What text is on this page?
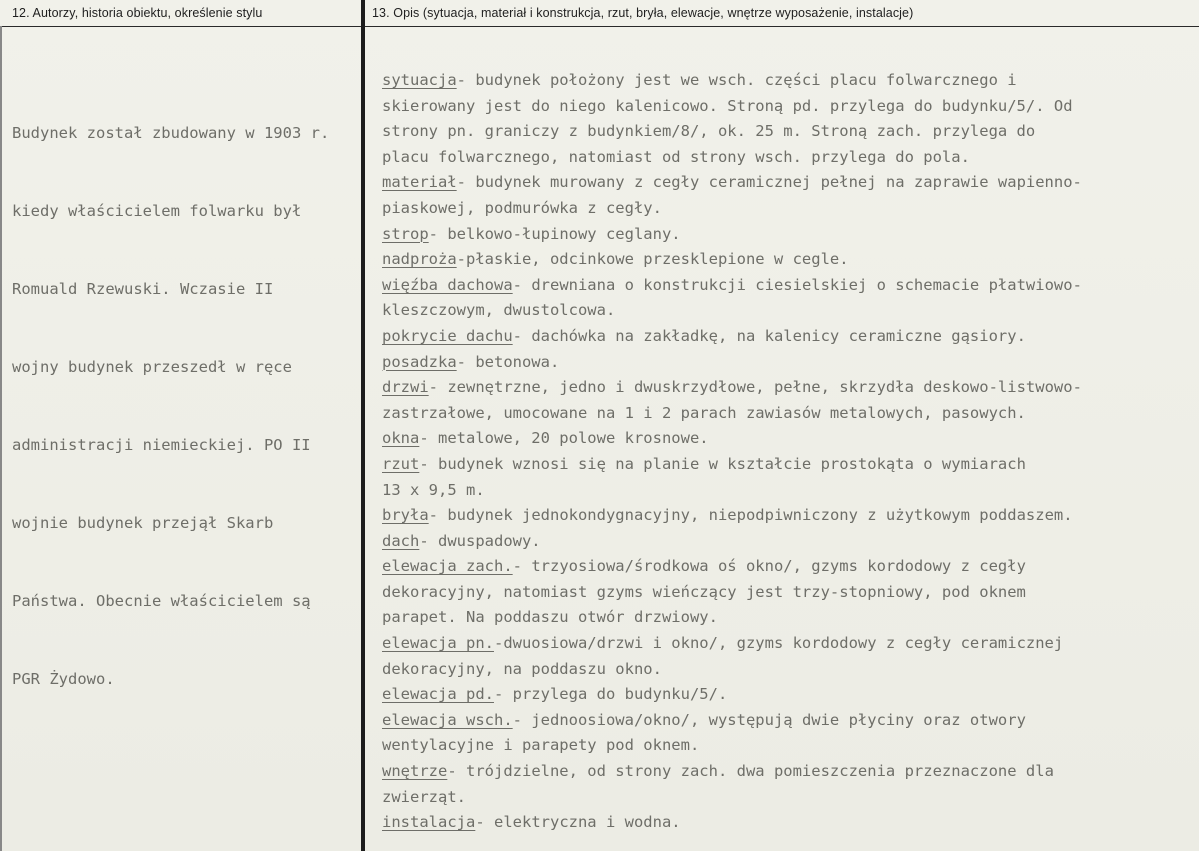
12. Autorzy, historia obiektu, określenie stylu	13. Opis (sytuacja, materiał i konstrukcja, rzut, bryła, elewacje, wnętrze wyposażenie, instalacje)

Budynek został zbudowany w 1903 r.

kiedy właścicielem folwarku był

Romuald Rzewuski. Wczasie II

wojny budynek przeszedł w ręce

administracji niemieckiej. PO II

wojnie budynek przejął Skarb

Państwa. Obecnie właścicielem są

PGR Żydowo.

sytuacja- budynek położony jest we wsch. części placu folwarcznego i
skierowany jest do niego kalenicowo. Stroną pd. przylega do budynku/5/. Od
strony pn. graniczy z budynkiem/8/, ok. 25 m. Stroną zach. przylega do
placu folwarcznego, natomiast od strony wsch. przylega do pola.
materiał- budynek murowany z cegły ceramicznej pełnej na zaprawie wapienno-
piaskowej, podmurówka z cegły.
strop- belkowo-łupinowy ceglany.
nadproża-płaskie, odcinkowe przesklepione w cegle.
więźba dachowa- drewniana o konstrukcji ciesielskiej o schemacie płatwiowo-
kleszczowym, dwustolcowa.
pokrycie dachu- dachówka na zakładkę, na kalenicy ceramiczne gąsiory.
posadzka- betonowa.
drzwi- zewnętrzne, jedno i dwuskrzydłowe, pełne, skrzydła deskowo-listwowo-
zastrzałowe, umocowane na 1 i 2 parach zawiasów metalowych, pasowych.
okna- metalowe, 20 polowe krosnowe.
rzut- budynek wznosi się na planie w kształcie prostokąta o wymiarach
13 x 9,5 m.
bryła- budynek jednokondygnacyjny, niepodpiwniczony z użytkowym poddaszem.
dach- dwuspadowy.
elewacja zach.- trzyosiowa/środkowa oś okno/, gzyms kordodowy z cegły
dekoracyjny, natomiast gzyms wieńczący jest trzy-stopniowy, pod oknem
parapet. Na poddaszu otwór drzwiowy.
elewacja pn.-dwuosiowa/drzwi i okno/, gzyms kordodowy z cegły ceramicznej
dekoracyjny, na poddaszu okno.
elewacja pd.- przylega do budynku/5/.
elewacja wsch.- jednoosiowa/okno/, występują dwie płyciny oraz otwory
wentylacyjne i parapety pod oknem.
wnętrze- trójdzielne, od strony zach. dwa pomieszczenia przeznaczone dla
zwierząt.
instalacja- elektryczna i wodna.
